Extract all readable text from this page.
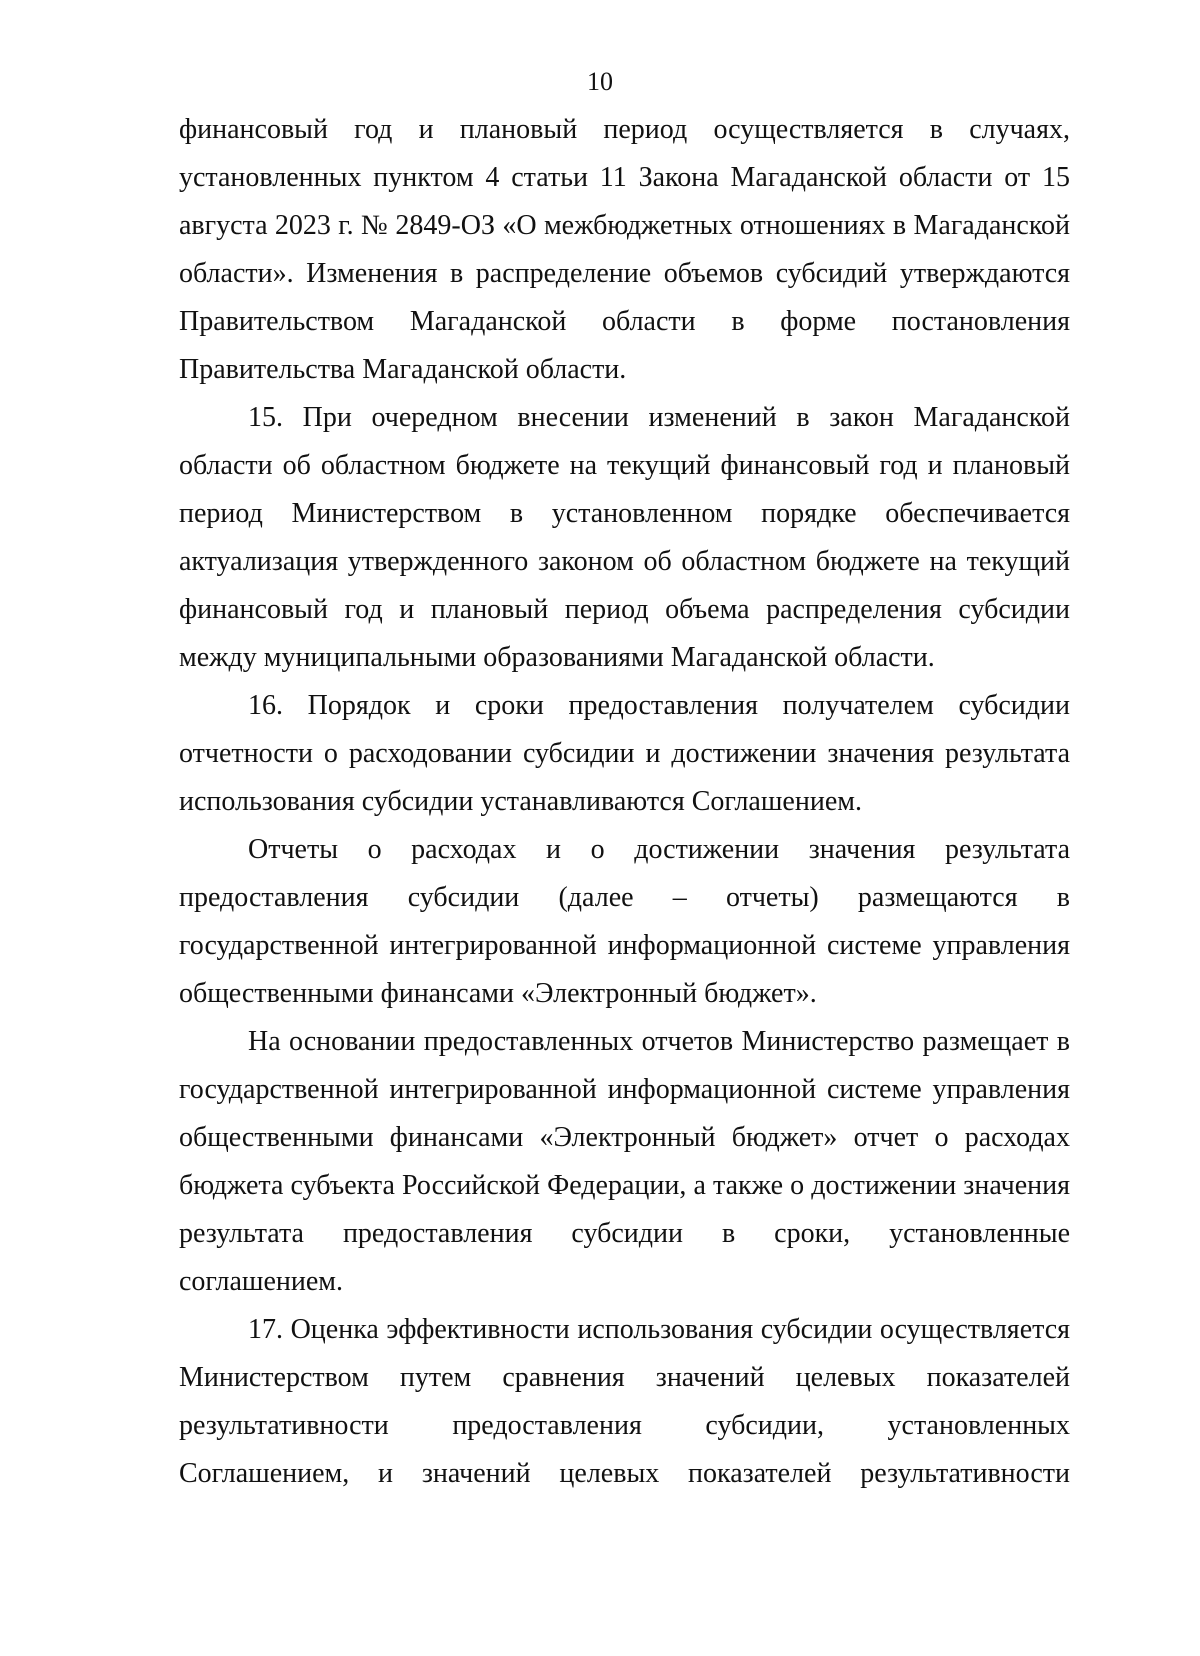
10

финансовый год и плановый период осуществляется в случаях, установленных пунктом 4 статьи 11 Закона Магаданской области от 15 августа 2023 г. № 2849-ОЗ «О межбюджетных отношениях в Магаданской области». Изменения в распределение объемов субсидий утверждаются Правительством Магаданской области в форме постановления Правительства Магаданской области.

15. При очередном внесении изменений в закон Магаданской области об областном бюджете на текущий финансовый год и плановый период Министерством в установленном порядке обеспечивается актуализация утвержденного законом об областном бюджете на текущий финансовый год и плановый период объема распределения субсидии между муниципальными образованиями Магаданской области.

16. Порядок и сроки предоставления получателем субсидии отчетности о расходовании субсидии и достижении значения результата использования субсидии устанавливаются Соглашением.

Отчеты о расходах и о достижении значения результата предоставления субсидии (далее – отчеты) размещаются в государственной интегрированной информационной системе управления общественными финансами «Электронный бюджет».

На основании предоставленных отчетов Министерство размещает в государственной интегрированной информационной системе управления общественными финансами «Электронный бюджет» отчет о расходах бюджета субъекта Российской Федерации, а также о достижении значения результата предоставления субсидии в сроки, установленные соглашением.

17. Оценка эффективности использования субсидии осуществляется Министерством путем сравнения значений целевых показателей результативности предоставления субсидии, установленных Соглашением, и значений целевых показателей результативности
